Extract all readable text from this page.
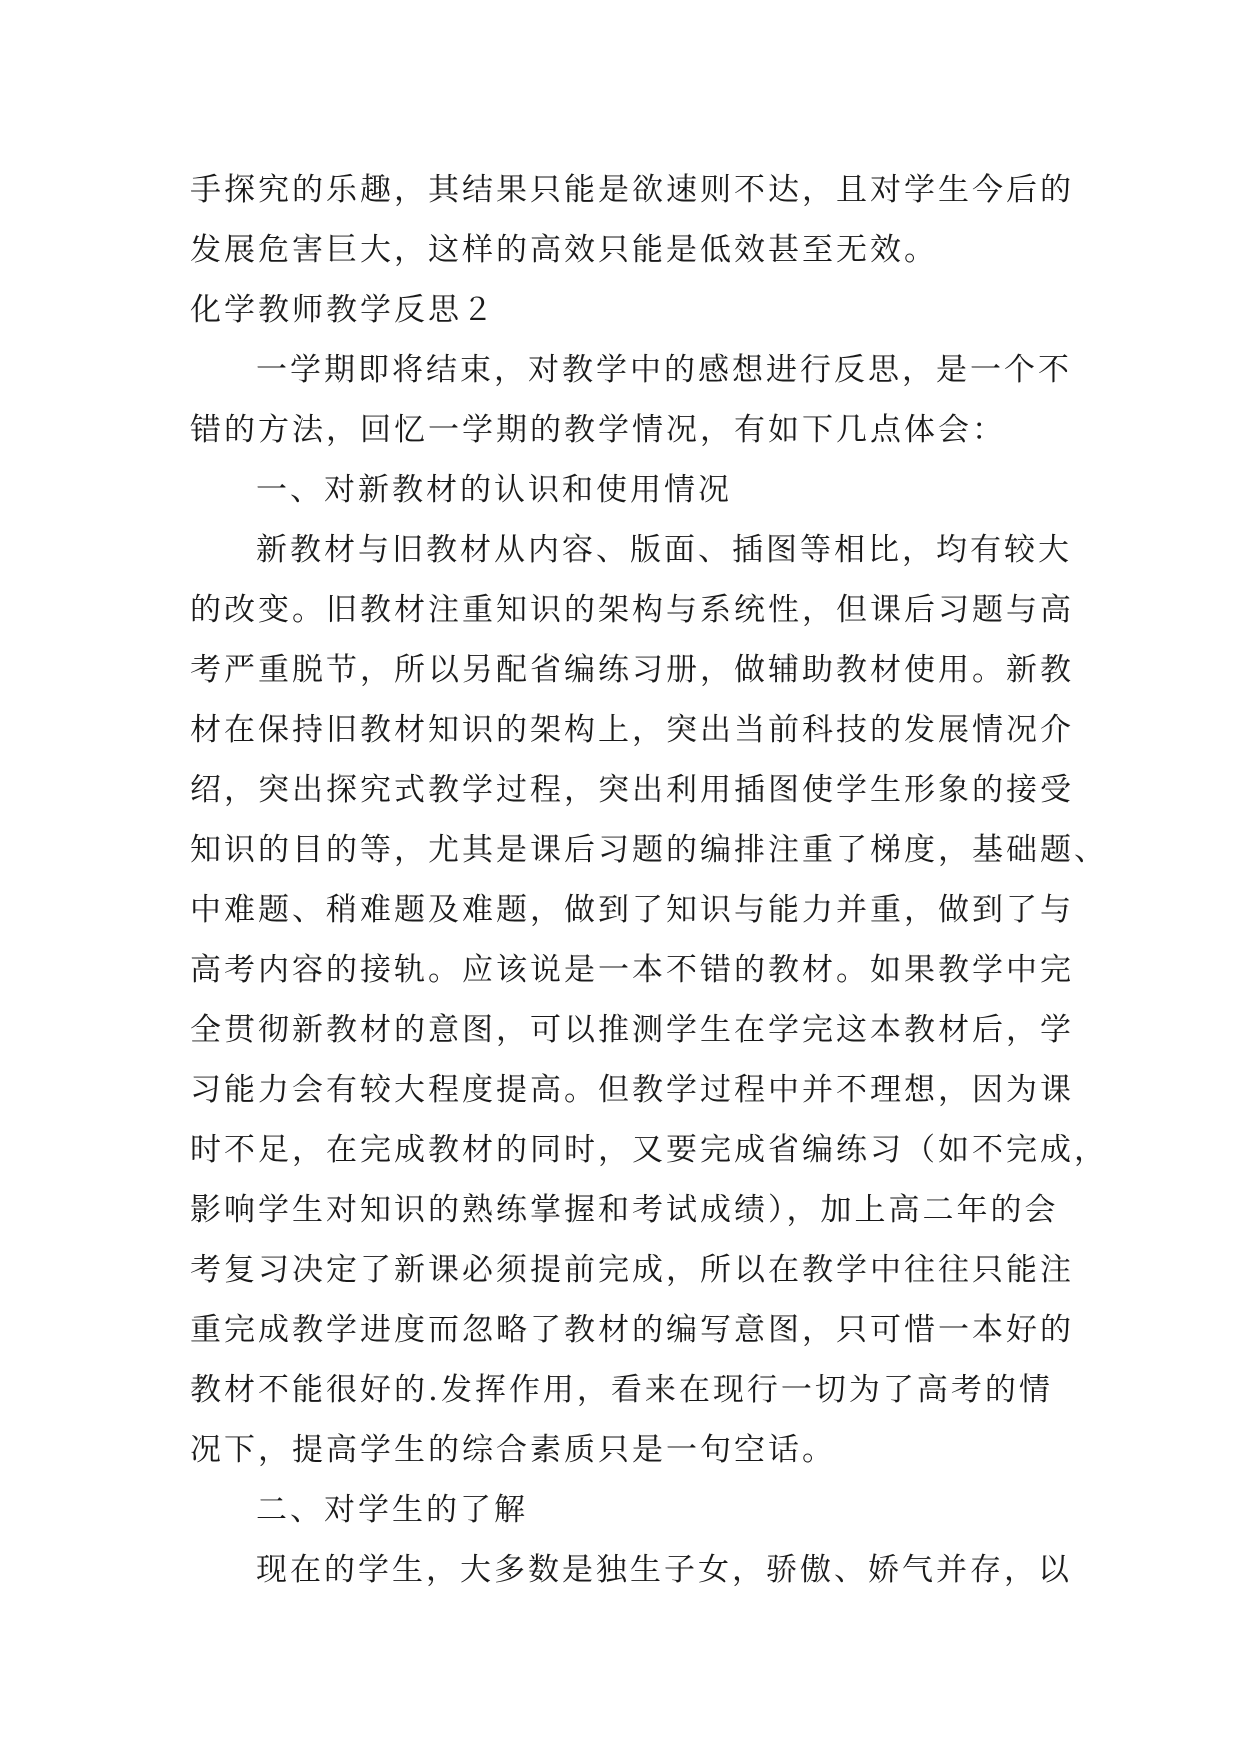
手探究的乐趣，其结果只能是欲速则不达，且对学生今后的
发展危害巨大，这样的高效只能是低效甚至无效。
化学教师教学反思２
一学期即将结束，对教学中的感想进行反思，是一个不
错的方法，回忆一学期的教学情况，有如下几点体会：
一、对新教材的认识和使用情况
新教材与旧教材从内容、版面、插图等相比，均有较大
的改变。旧教材注重知识的架构与系统性，但课后习题与高
考严重脱节，所以另配省编练习册，做辅助教材使用。新教
材在保持旧教材知识的架构上，突出当前科技的发展情况介
绍，突出探究式教学过程，突出利用插图使学生形象的接受
知识的目的等，尤其是课后习题的编排注重了梯度，基础题、
中难题、稍难题及难题，做到了知识与能力并重，做到了与
高考内容的接轨。应该说是一本不错的教材。如果教学中完
全贯彻新教材的意图，可以推测学生在学完这本教材后，学
习能力会有较大程度提高。但教学过程中并不理想，因为课
时不足，在完成教材的同时，又要完成省编练习（如不完成，
影响学生对知识的熟练掌握和考试成绩），加上高二年的会
考复习决定了新课必须提前完成，所以在教学中往往只能注
重完成教学进度而忽略了教材的编写意图，只可惜一本好的
教材不能很好的.发挥作用，看来在现行一切为了高考的情
况下，提高学生的综合素质只是一句空话。
二、对学生的了解
现在的学生，大多数是独生子女，骄傲、娇气并存，以
